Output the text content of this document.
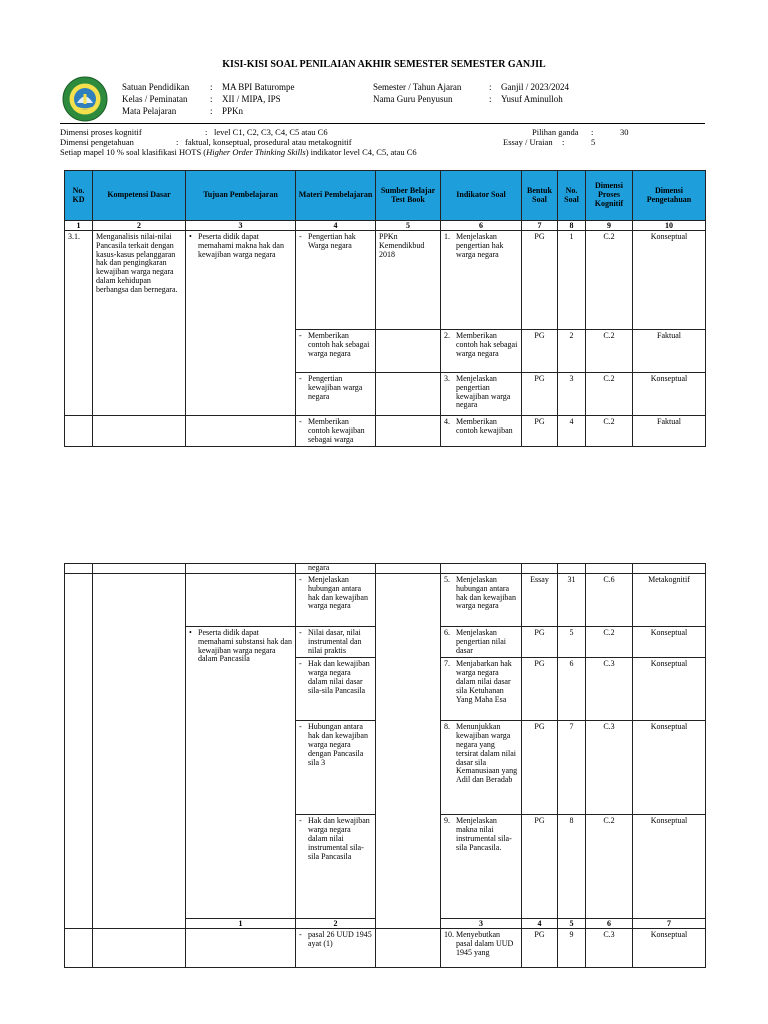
KISI-KISI SOAL PENILAIAN AKHIR SEMESTER SEMESTER GANJIL
Satuan Pendidikan : MA BPI Baturompe
Kelas / Peminatan	: XII / MIPA, IPS
Mata Pelajaran	: PPKn
Semester / Tahun Ajaran	: Ganjil / 2023/2024
Nama Guru Penyusun	: Yusuf Aminulloh
Dimensi proses kognitif	: level C1, C2, C3, C4, C5 atau C6	Pilihan ganda :	30
Dimensi pengetahuan	: faktual, konseptual, prosedural atau metakognitif	Essay / Uraian :	5
Setiap mapel 10 % soal klasifikasi HOTS (Higher Order Thinking Skills) indikator level C4, C5, atau C6
No. KD	Kompetensi Dasar	Tujuan Pembelajaran	Materi Pembelajaran	Sumber Belajar Test Book	Indikator Soal	Bentuk Soal	No. Soal	Dimensi Proses Kognitif	Dimensi Pengetahuan
1	2	3	4	5	6	7	8	9	10
3.1.	Menganalisis nilai-nilai Pancasila terkait dengan kasus-kasus pelanggaran hak dan pengingkaran kewajiban warga negara dalam kehidupan berbangsa dan bernegara.	• Peserta didik dapat memahami makna hak dan kewajiban warga negara	- Pengertian hak Warga negara	PPKn Kemendikbud 2018	1. Menjelaskan pengertian hak warga negara	PG	1	C.2	Konseptual

			- Memberikan contoh hak sebagai warga negara		2. Memberikan contoh hak sebagai warga negara	PG	2	C.2	Faktual

			- Pengertian kewajiban warga negara		3. Menjelaskan pengertian kewajiban warga negara	PG	3	C.2	Konseptual

			- Memberikan contoh kewajiban sebagai warga		4. Memberikan contoh kewajiban	PG	4	C.2	Faktual
			negara							

			- Menjelaskan hubungan antara hak dan kewajiban warga negara		5. Menjelaskan hubungan antara hak dan kewajiban warga negara	Essay	31	C.6	Metakognitif	

		• Peserta didik dapat memahami substansi hak dan kewajiban warga negara dalam Pancasila	- Nilai dasar, nilai instrumental dan nilai praktis		6. Menjelaskan pengertian nilai dasar	PG	5	C.2	Konseptual	

			- Hak dan kewajiban warga negara dalam nilai dasar sila-sila Pancasila		7. Menjabarkan hak warga negara dalam nilai dasar sila Ketuhanan Yang Maha Esa	PG	6	C.3	Konseptual	

			- Hubungan antara hak dan kewajiban warga negara dengan Pancasila sila 3		8. Menunjukkan kewajiban warga negara yang tersirat dalam nilai dasar sila Kemanusiaan yang Adil dan Beradab	PG	7	C.3	Konseptual	

			- Hak dan kewajiban warga negara dalam nilai instrumental sila-sila Pancasila		9. Menjelaskan makna nilai instrumental sila-sila Pancasila.	PG	8	C.2	Konseptual	
		1	2		3	4	5	6	7			

			- pasal 26 UUD 1945 ayat (1)		10. Menyebutkan pasal dalam UUD 1945 yang	PG	9	C.3	Konseptual	
